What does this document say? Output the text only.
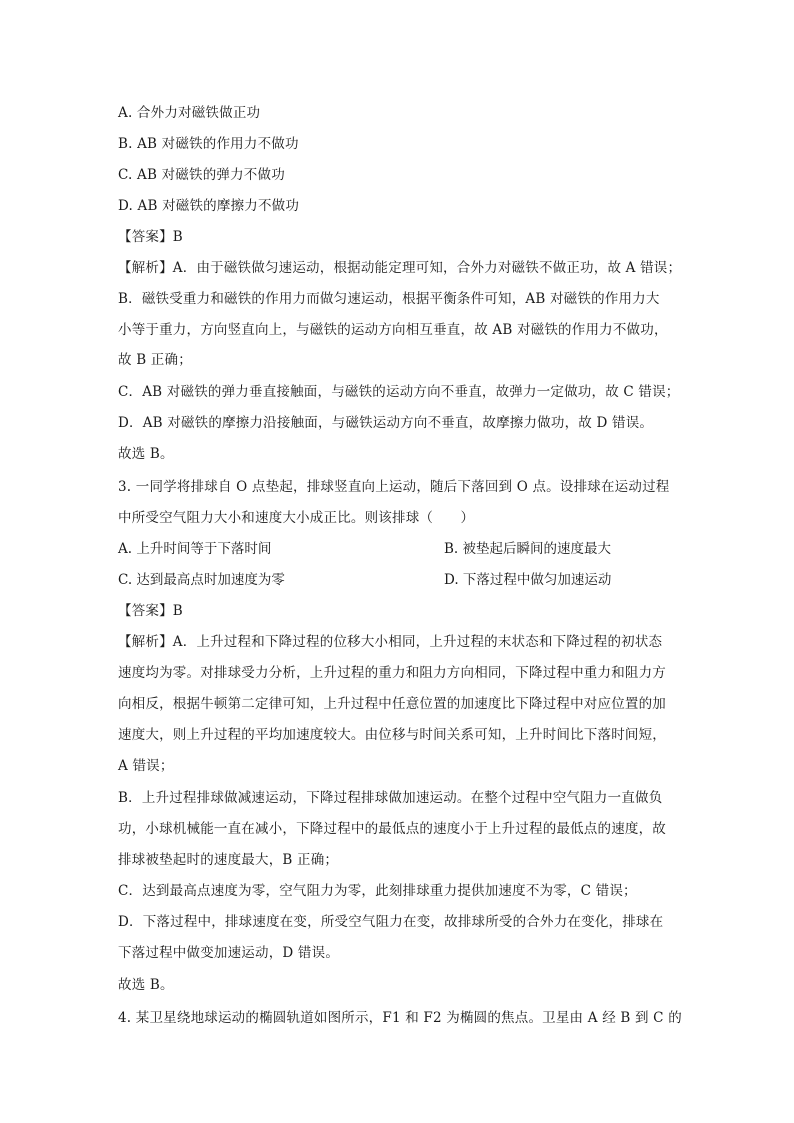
A. 合外力对磁铁做正功
B. AB 对磁铁的作用力不做功
C. AB 对磁铁的弹力不做功
D. AB 对磁铁的摩擦力不做功
【答案】B
【解析】A．由于磁铁做匀速运动，根据动能定理可知，合外力对磁铁不做正功，故 A 错误；
B．磁铁受重力和磁铁的作用力而做匀速运动，根据平衡条件可知，AB 对磁铁的作用力大
小等于重力，方向竖直向上，与磁铁的运动方向相互垂直，故 AB 对磁铁的作用力不做功，
故 B 正确；
C．AB 对磁铁的弹力垂直接触面，与磁铁的运动方向不垂直，故弹力一定做功，故 C 错误；
D．AB 对磁铁的摩擦力沿接触面，与磁铁运动方向不垂直，故摩擦力做功，故 D 错误。
故选 B。
3. 一同学将排球自 O 点垫起，排球竖直向上运动，随后下落回到 O 点。设排球在运动过程
中所受空气阻力大小和速度大小成正比。则该排球（　　）
A. 上升时间等于下落时间	B. 被垫起后瞬间的速度最大
C. 达到最高点时加速度为零	D. 下落过程中做匀加速运动
【答案】B
【解析】A．上升过程和下降过程的位移大小相同，上升过程的末状态和下降过程的初状态
速度均为零。对排球受力分析，上升过程的重力和阻力方向相同，下降过程中重力和阻力方
向相反，根据牛顿第二定律可知，上升过程中任意位置的加速度比下降过程中对应位置的加
速度大，则上升过程的平均加速度较大。由位移与时间关系可知，上升时间比下落时间短，
A 错误；
B．上升过程排球做减速运动，下降过程排球做加速运动。在整个过程中空气阻力一直做负
功，小球机械能一直在减小，下降过程中的最低点的速度小于上升过程的最低点的速度，故
排球被垫起时的速度最大，B 正确；
C．达到最高点速度为零，空气阻力为零，此刻排球重力提供加速度不为零，C 错误；
D．下落过程中，排球速度在变，所受空气阻力在变，故排球所受的合外力在变化，排球在
下落过程中做变加速运动，D 错误。
故选 B。
4. 某卫星绕地球运动的椭圆轨道如图所示，F1 和 F2 为椭圆的焦点。卫星由 A 经 B 到 C 的
